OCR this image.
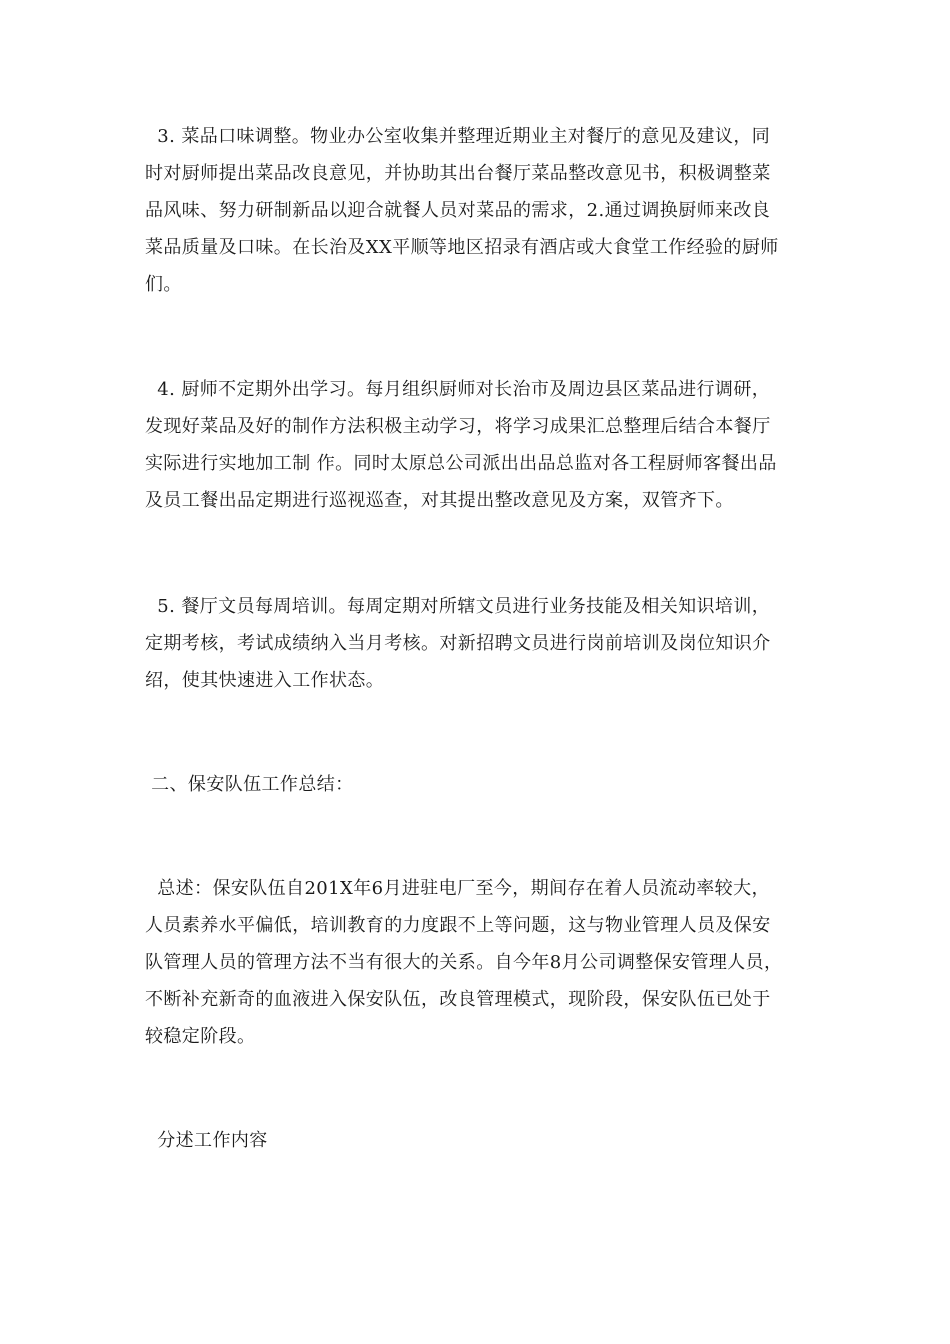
3. 菜品口味调整。物业办公室收集并整理近期业主对餐厅的意见及建议，同
时对厨师提出菜品改良意见，并协助其出台餐厅菜品整改意见书，积极调整菜
品风味、努力研制新品以迎合就餐人员对菜品的需求，2.通过调换厨师来改良
菜品质量及口味。在长治及XX平顺等地区招录有酒店或大食堂工作经验的厨师
们。

4. 厨师不定期外出学习。每月组织厨师对长治市及周边县区菜品进行调研，
发现好菜品及好的制作方法积极主动学习，将学习成果汇总整理后结合本餐厅
实际进行实地加工制 作。同时太原总公司派出出品总监对各工程厨师客餐出品
及员工餐出品定期进行巡视巡查，对其提出整改意见及方案，双管齐下。

5. 餐厅文员每周培训。每周定期对所辖文员进行业务技能及相关知识培训，
定期考核，考试成绩纳入当月考核。对新招聘文员进行岗前培训及岗位知识介
绍，使其快速进入工作状态。

二、保安队伍工作总结：

总述：保安队伍自201X年6月进驻电厂至今，期间存在着人员流动率较大，
人员素养水平偏低，培训教育的力度跟不上等问题，这与物业管理人员及保安
队管理人员的管理方法不当有很大的关系。自今年8月公司调整保安管理人员，
不断补充新奇的血液进入保安队伍，改良管理模式，现阶段，保安队伍已处于
较稳定阶段。

分述工作内容
